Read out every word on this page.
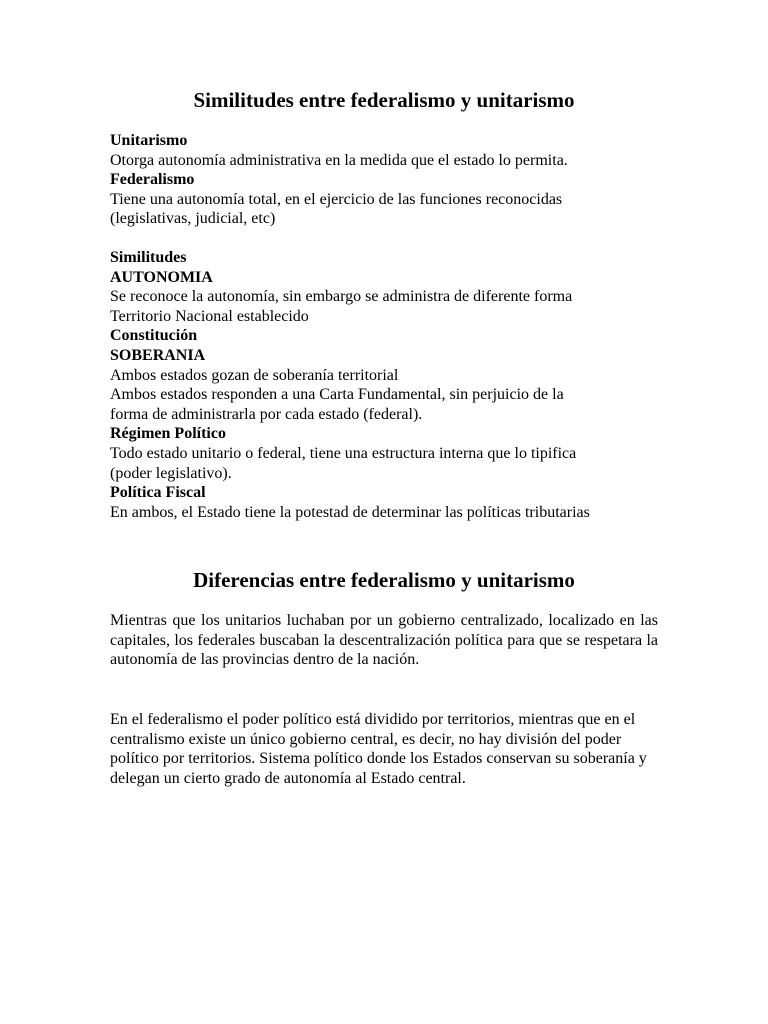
Similitudes entre federalismo y unitarismo
Unitarismo
Otorga autonomía administrativa en la medida que el estado lo permita.
Federalismo
Tiene una autonomía total, en el ejercicio de las funciones reconocidas
(legislativas, judicial, etc)
Similitudes
AUTONOMIA
Se reconoce la autonomía, sin embargo se administra de diferente forma
Territorio Nacional establecido
Constitución
SOBERANIA
Ambos estados gozan de soberanía territorial
Ambos estados responden a una Carta Fundamental, sin perjuicio de la
forma de administrarla por cada estado (federal).
Régimen Político
Todo estado unitario o federal, tiene una estructura interna que lo tipifica
(poder legislativo).
Política Fiscal
En ambos, el Estado tiene la potestad de determinar las políticas tributarias
Diferencias entre federalismo y unitarismo

Mientras que los unitarios luchaban por un gobierno centralizado, localizado en las capitales, los federales buscaban la descentralización política para que se respetara la autonomía de las provincias dentro de la nación.

En el federalismo el poder político está dividido por territorios, mientras que en el centralismo existe un único gobierno central, es decir, no hay división del poder político por territorios. Sistema político donde los Estados conservan su soberanía y delegan un cierto grado de autonomía al Estado central.
